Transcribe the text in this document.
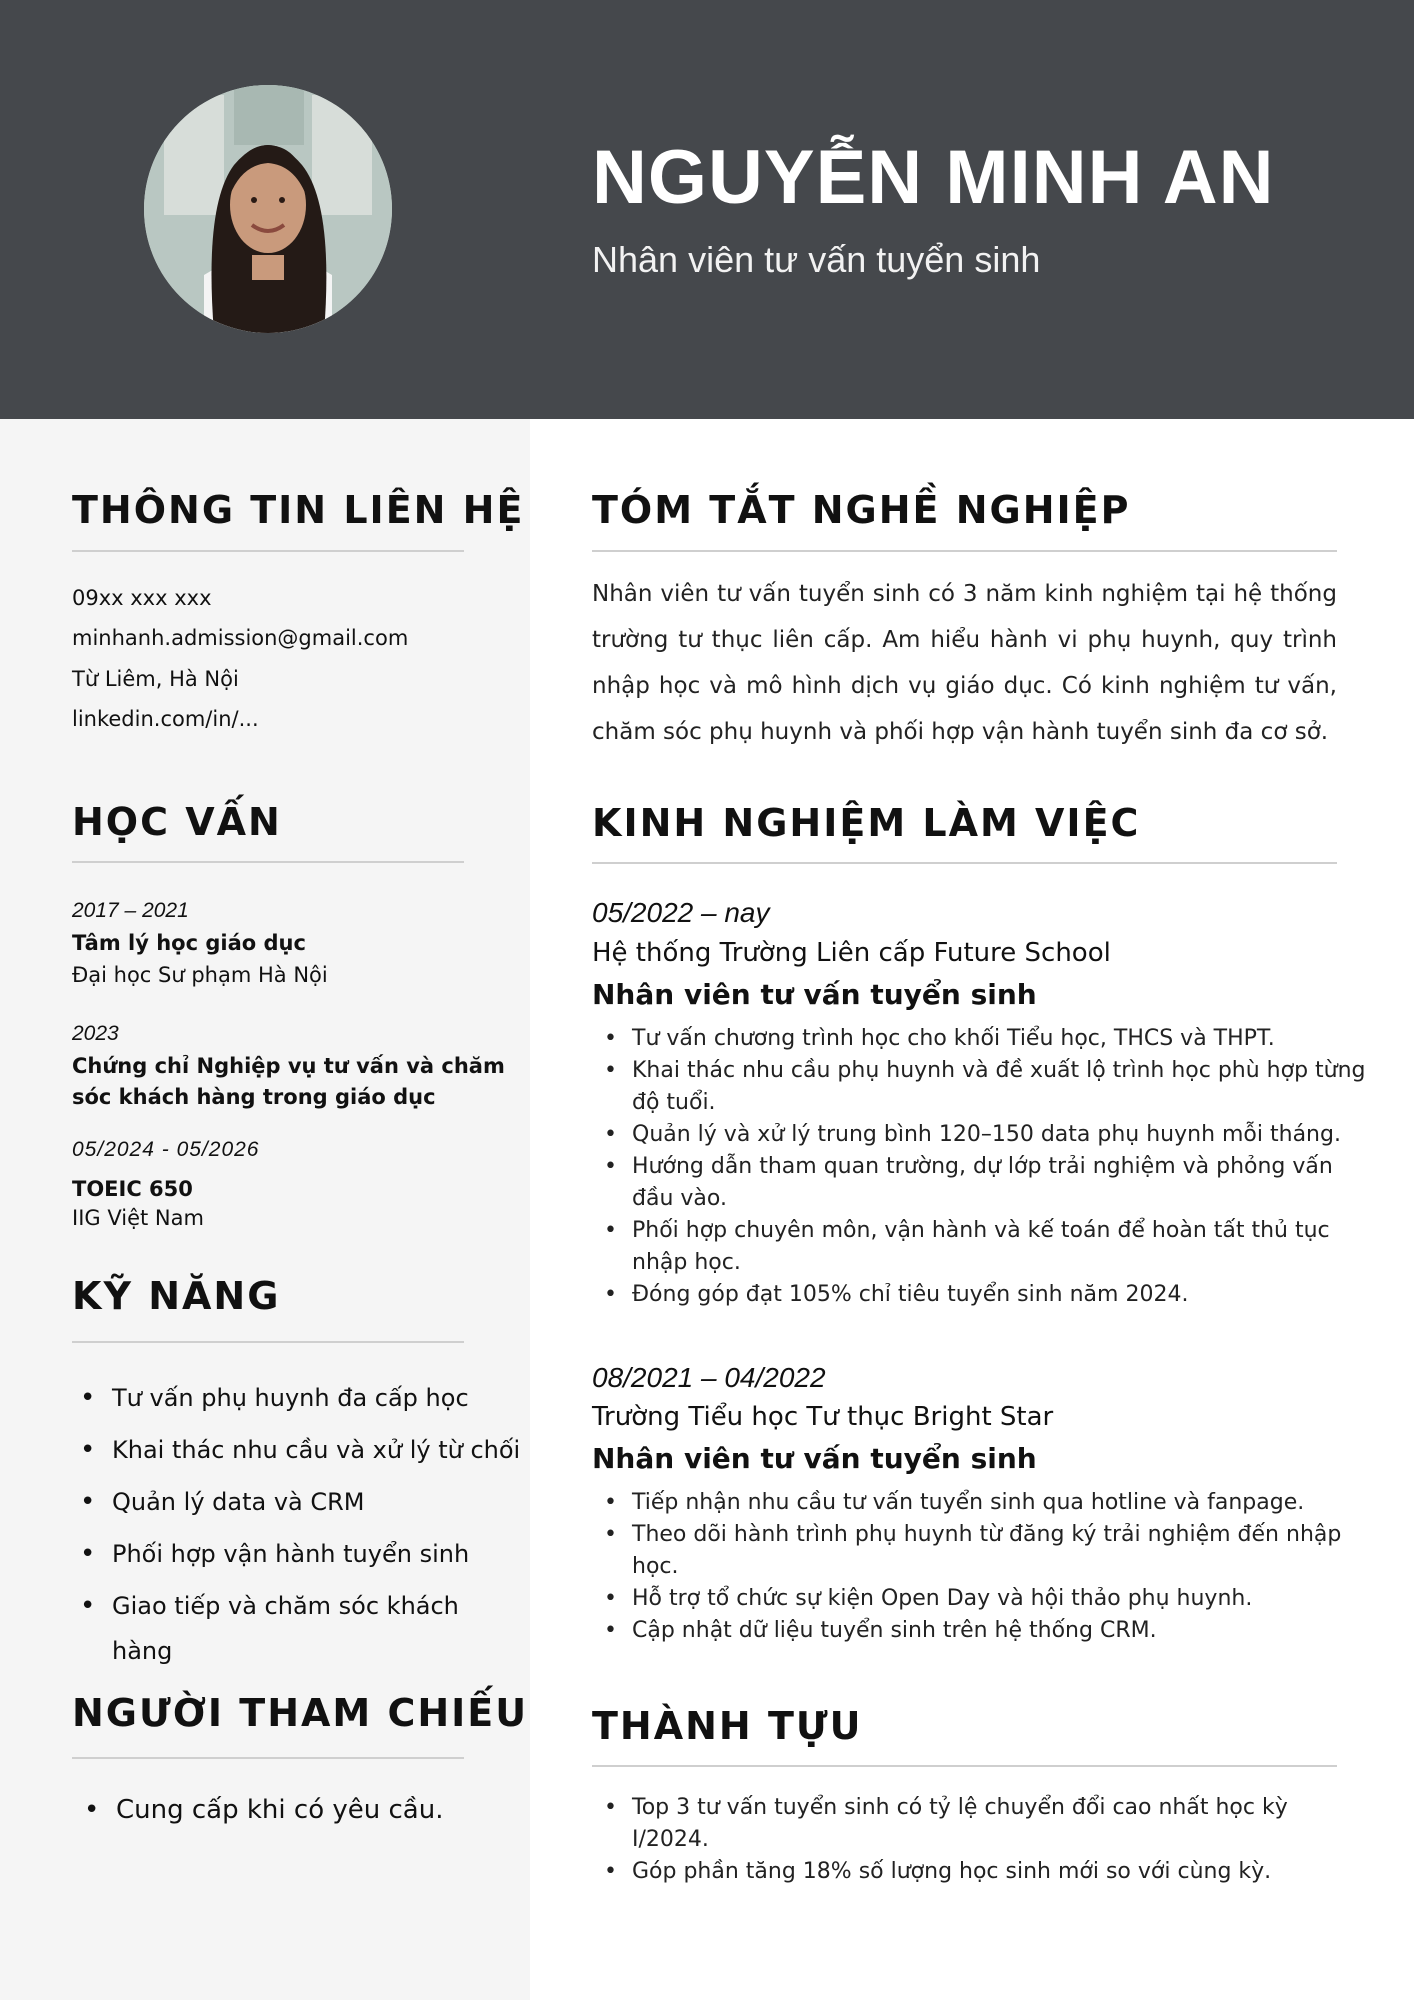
NGUYỄN MINH AN
Nhân viên tư vấn tuyển sinh
THÔNG TIN LIÊN HỆ
09xx xxx xxx
minhanh.admission@gmail.com
Từ Liêm, Hà Nội
linkedin.com/in/...
HỌC VẤN
2017 – 2021
Tâm lý học giáo dục
Đại học Sư phạm Hà Nội
2023
Chứng chỉ Nghiệp vụ tư vấn và chăm
sóc khách hàng trong giáo dục
05/2024 - 05/2026
TOEIC 650
IIG Việt Nam
KỸ NĂNG
• Tư vấn phụ huynh đa cấp học
• Khai thác nhu cầu và xử lý từ chối
• Quản lý data và CRM
• Phối hợp vận hành tuyển sinh
• Giao tiếp và chăm sóc khách
hàng
NGƯỜI THAM CHIẾU
• Cung cấp khi có yêu cầu.
TÓM TẮT NGHỀ NGHIỆP
Nhân viên tư vấn tuyển sinh có 3 năm kinh nghiệm tại hệ thống trường tư thục liên cấp. Am hiểu hành vi phụ huynh, quy trình nhập học và mô hình dịch vụ giáo dục. Có kinh nghiệm tư vấn, chăm sóc phụ huynh và phối hợp vận hành tuyển sinh đa cơ sở.
KINH NGHIỆM LÀM VIỆC
05/2022 – nay
Hệ thống Trường Liên cấp Future School
Nhân viên tư vấn tuyển sinh
• Tư vấn chương trình học cho khối Tiểu học, THCS và THPT.
• Khai thác nhu cầu phụ huynh và đề xuất lộ trình học phù hợp từng độ tuổi.
• Quản lý và xử lý trung bình 120–150 data phụ huynh mỗi tháng.
• Hướng dẫn tham quan trường, dự lớp trải nghiệm và phỏng vấn đầu vào.
• Phối hợp chuyên môn, vận hành và kế toán để hoàn tất thủ tục nhập học.
• Đóng góp đạt 105% chỉ tiêu tuyển sinh năm 2024.
08/2021 – 04/2022
Trường Tiểu học Tư thục Bright Star
Nhân viên tư vấn tuyển sinh
• Tiếp nhận nhu cầu tư vấn tuyển sinh qua hotline và fanpage.
• Theo dõi hành trình phụ huynh từ đăng ký trải nghiệm đến nhập học.
• Hỗ trợ tổ chức sự kiện Open Day và hội thảo phụ huynh.
• Cập nhật dữ liệu tuyển sinh trên hệ thống CRM.
THÀNH TỰU
• Top 3 tư vấn tuyển sinh có tỷ lệ chuyển đổi cao nhất học kỳ I/2024.
• Góp phần tăng 18% số lượng học sinh mới so với cùng kỳ.
